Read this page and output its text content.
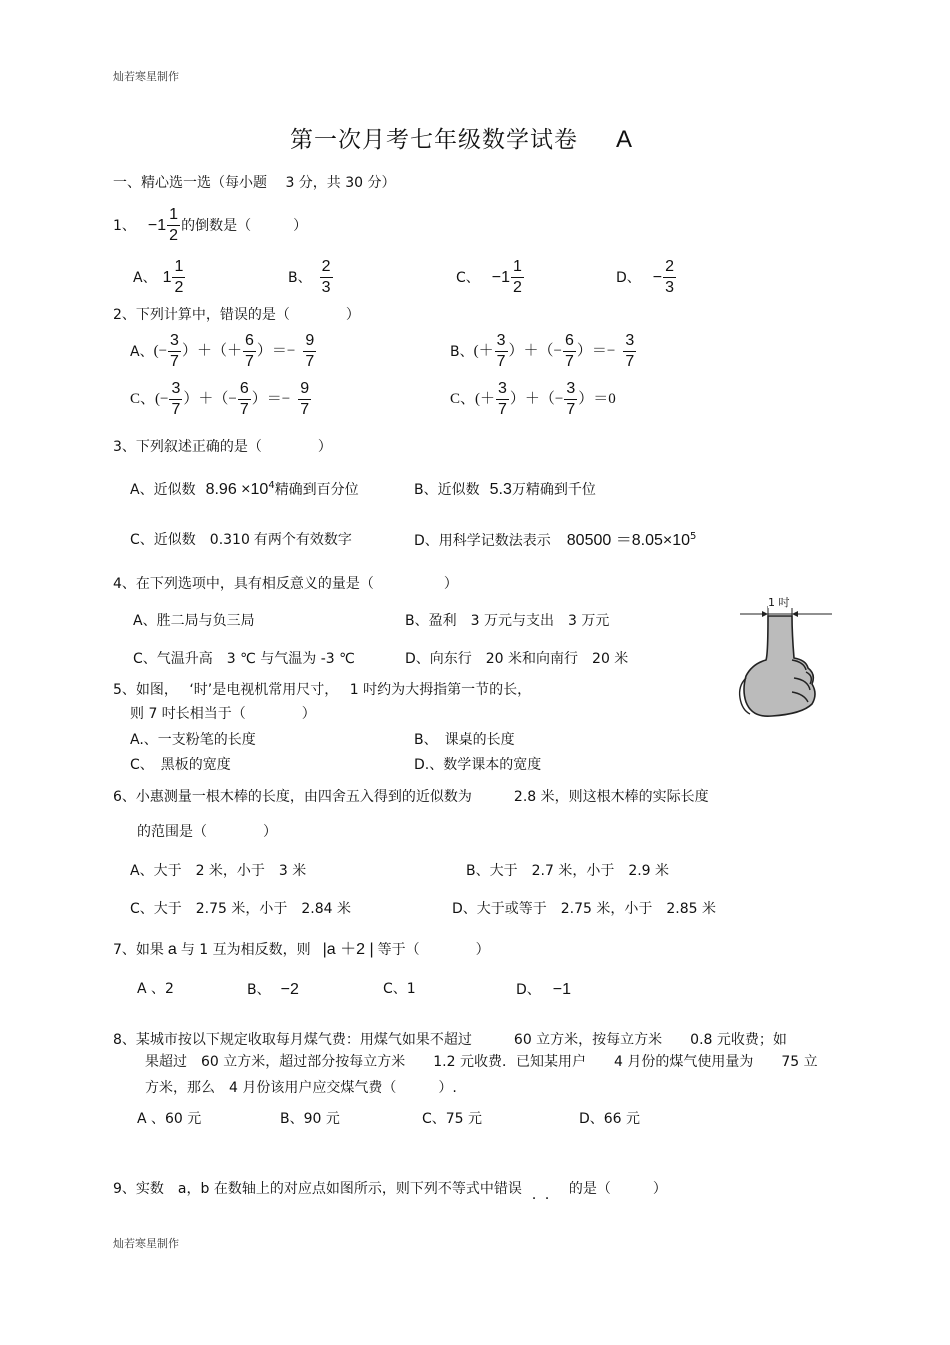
灿若寒星制作
灿若寒星制作
第一次月考七年级数学试卷 A
一、精心选一选（每小题　 3 分，共 30 分）
1、 $-1 \frac{1}{2}$ 的倒数是（　　　）
A、 $1 \frac{1}{2}$	B、 $\frac{2}{3}$	C、 $-1 \frac{1}{2}$	D、 − $\frac{2}{3}$
2、下列计算中，错误的是（　　　　）
A、 (− $\frac{3}{7}$ ）＋（＋ $\frac{6}{7}$ ）＝− $\frac{9}{7}$	B、 (＋ $\frac{3}{7}$ ）＋（− $\frac{6}{7}$ ）＝− $\frac{3}{7}$
C、 (− $\frac{3}{7}$ ）＋（− $\frac{6}{7}$ ）＝− $\frac{9}{7}$	C、 (＋ $\frac{3}{7}$ ）＋（− $\frac{3}{7} )=0$
3、下列叙述正确的是（　　　　）
A、近似数 $8.96 \times 10^4$ 精确到百分位	B、近似数 5.3 万精确到千位
C、近似数 0.310 有两个有效数字	D、用科学记数法表示 $80500 =8.05\times 10^5$
4、在下列选项中，具有相反意义的量是（　　　　　）
A、胜二局与负三局	B、盈利　3 万元与支出　3 万元
C、气温升高　3 ℃ 与气温为 -3 ℃	D、向东行　20 米和向南行　20 米
5、如图，　 ‘时’是电视机常用尺寸，　 1 吋约为大拇指第一节的长，
则 7 吋长相当于（　　　　）
A.、一支粉笔的长度	B、　课桌的长度
C、　黑板的宽度	D.、数学课本的宽度
1 吋
6、小惠测量一根木棒的长度，由四舍五入得到的近似数为　　　2.8 米，则这根木棒的实际长度
的范围是（　　　　）
A、大于　2 米，小于　3 米	B、大于　2.7 米，小于　2.9 米
C、大于　2.75 米，小于　2.84 米	D、大于或等于　2.75 米，小于　2.85 米
7、如果 a 与 1 互为相反数，则 |a ＋2 | 等于（　　　　）
A 、2	B、 −2	C、1	D、 −1
8、某城市按以下规定收取每月煤气费：用煤气如果不超过　　　60 立方米，按每立方米　　0.8 元收费；如
果超过　60 立方米，超过部分按每立方米　　1.2 元收费．已知某用户　　4 月份的煤气使用量为　　75 立
方米，那么　4 月份该用户应交煤气费（　　　）.
A 、60 元	B、90 元	C、75 元	D、66 元
9、实数　a，b 在数轴上的对应点如图所示，则下列不等式中错误 ．． 的是（　　　）
